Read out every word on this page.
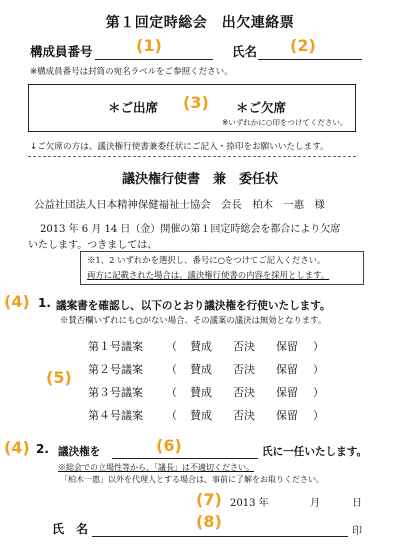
第１回定時総会　出欠連絡票
構成員番号	(1)	氏名 (2)
※構成員番号は封筒の宛名ラベルをご参照ください。
＊ご出席 (3) ＊ご欠席
※いずれかに○印をつけてください。
↓ご欠席の方は、議決権行使書兼委任状にご記入・捺印をお願いいたします。
議決権行使書　兼　委任状
公益社団法人日本精神保健福祉士協会　会長　柏木　一惠　様
2013 年 6 月 14 日（金）開催の第１回定時総会を都合により欠席
いたします。つきましては、
※1、2 いずれかを選択し、番号に○をつけてご記入ください。
両方に記載された場合は、議決権行使書の内容を採用とします。
(4) 1. 議案書を確認し、以下のとおり議決権を行使いたします。
※賛否欄いずれにも○がない場合、その議案の議決は無効となります。
(5)
第１号議案 （ 賛成 否決 保留 ）
第２号議案 （ 賛成 否決 保留 ）
第３号議案 （ 賛成 否決 保留 ）
第４号議案 （ 賛成 否決 保留 ）
(4) 2. 議決権を	(6)	氏に一任いたします。
※総会での立場性等から、「議長」は不適切ください。
「柏木一惠」以外を代理人とする場合は、事前に了解をお取りください。
(7) 2013 年	月	日
(8)
氏　名	印
